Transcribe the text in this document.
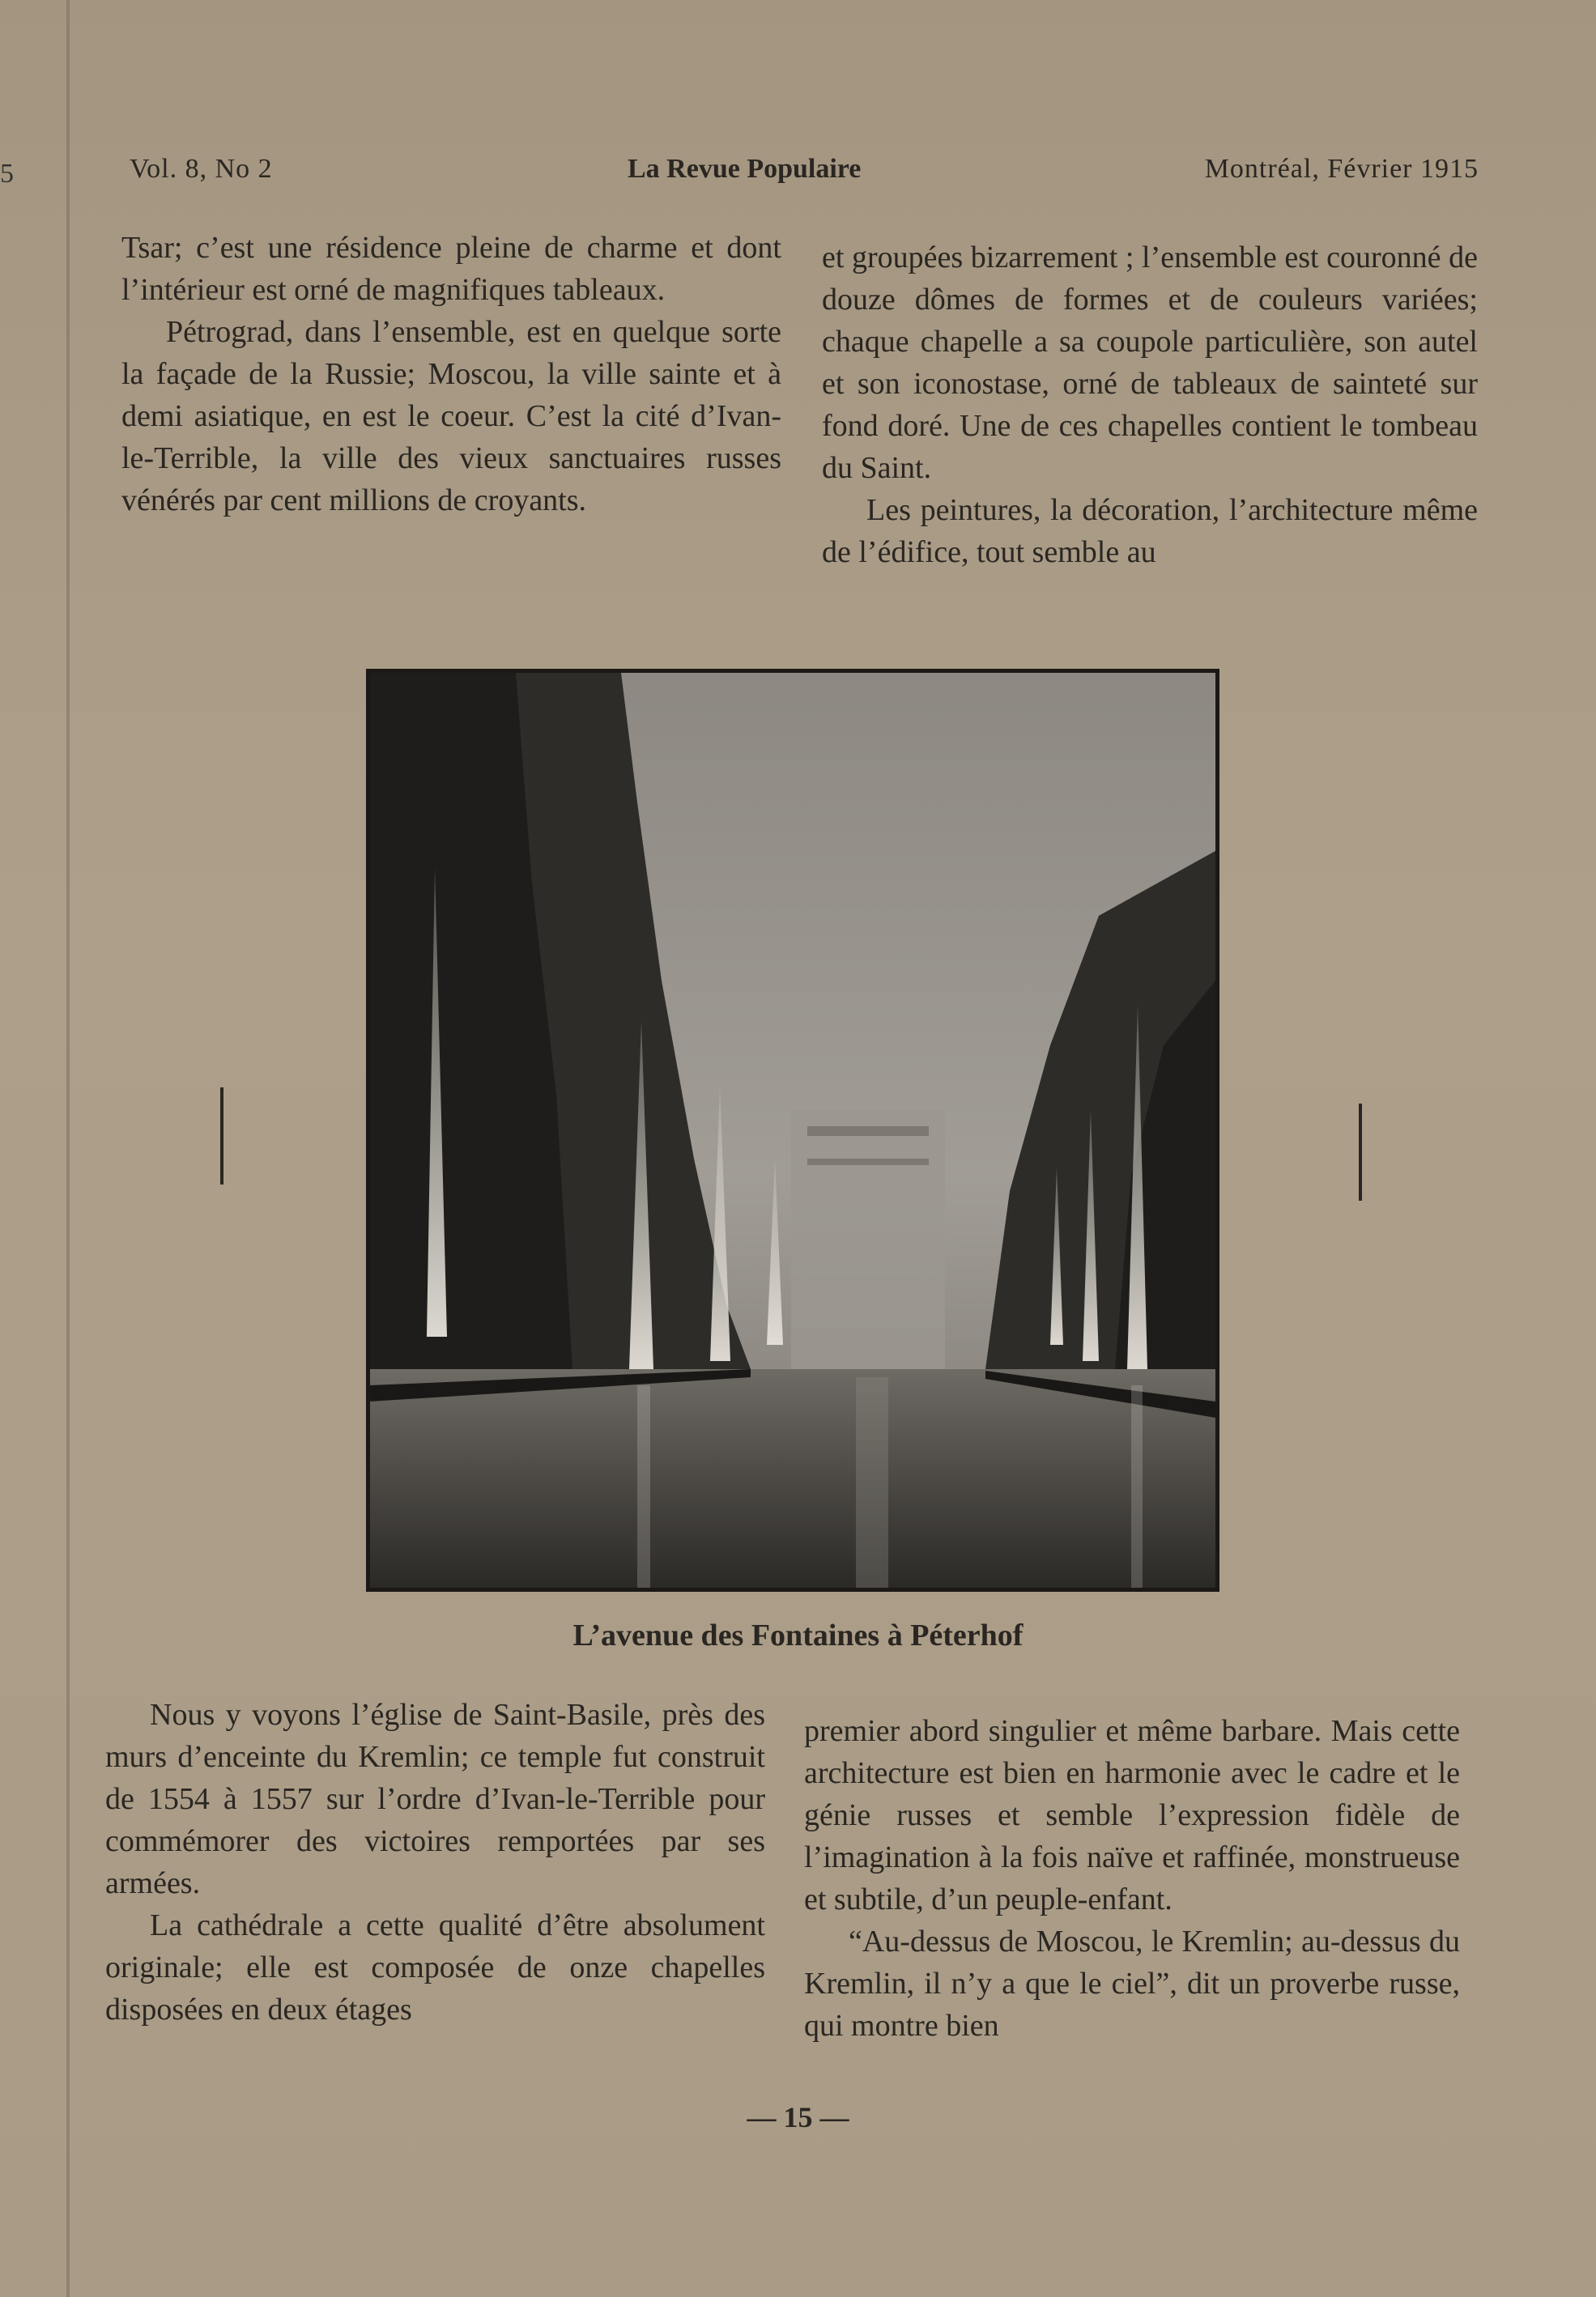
5	Vol. 8, No 2	La Revue Populaire	Montréal, Février 1915

Tsar; c’est une résidence pleine de charme et dont l’intérieur est orné de magnifiques tableaux.

Pétrograd, dans l’ensemble, est en quelque sorte la façade de la Russie; Moscou, la ville sainte et à demi asiatique, en est le coeur. C’est la cité d’Ivan-le-Terrible, la ville des vieux sanctuaires russes vénérés par cent millions de croyants.

et groupées bizarrement ; l’ensemble est couronné de douze dômes de formes et de couleurs variées; chaque chapelle a sa coupole particulière, son autel et son iconostase, orné de tableaux de sainteté sur fond doré. Une de ces chapelles contient le tombeau du Saint.

Les peintures, la décoration, l’architecture même de l’édifice, tout semble au

L’avenue des Fontaines à Péterhof

Nous y voyons l’église de Saint-Basile, près des murs d’enceinte du Kremlin; ce temple fut construit de 1554 à 1557 sur l’ordre d’Ivan-le-Terrible pour commémorer des victoires remportées par ses armées.

La cathédrale a cette qualité d’être absolument originale; elle est composée de onze chapelles disposées en deux étages

premier abord singulier et même barbare. Mais cette architecture est bien en harmonie avec le cadre et le génie russes et semble l’expression fidèle de l’imagination à la fois naïve et raffinée, monstrueuse et subtile, d’un peuple-enfant.

“Au-dessus de Moscou, le Kremlin; au-dessus du Kremlin, il n’y a que le ciel”, dit un proverbe russe, qui montre bien

— 15 —
